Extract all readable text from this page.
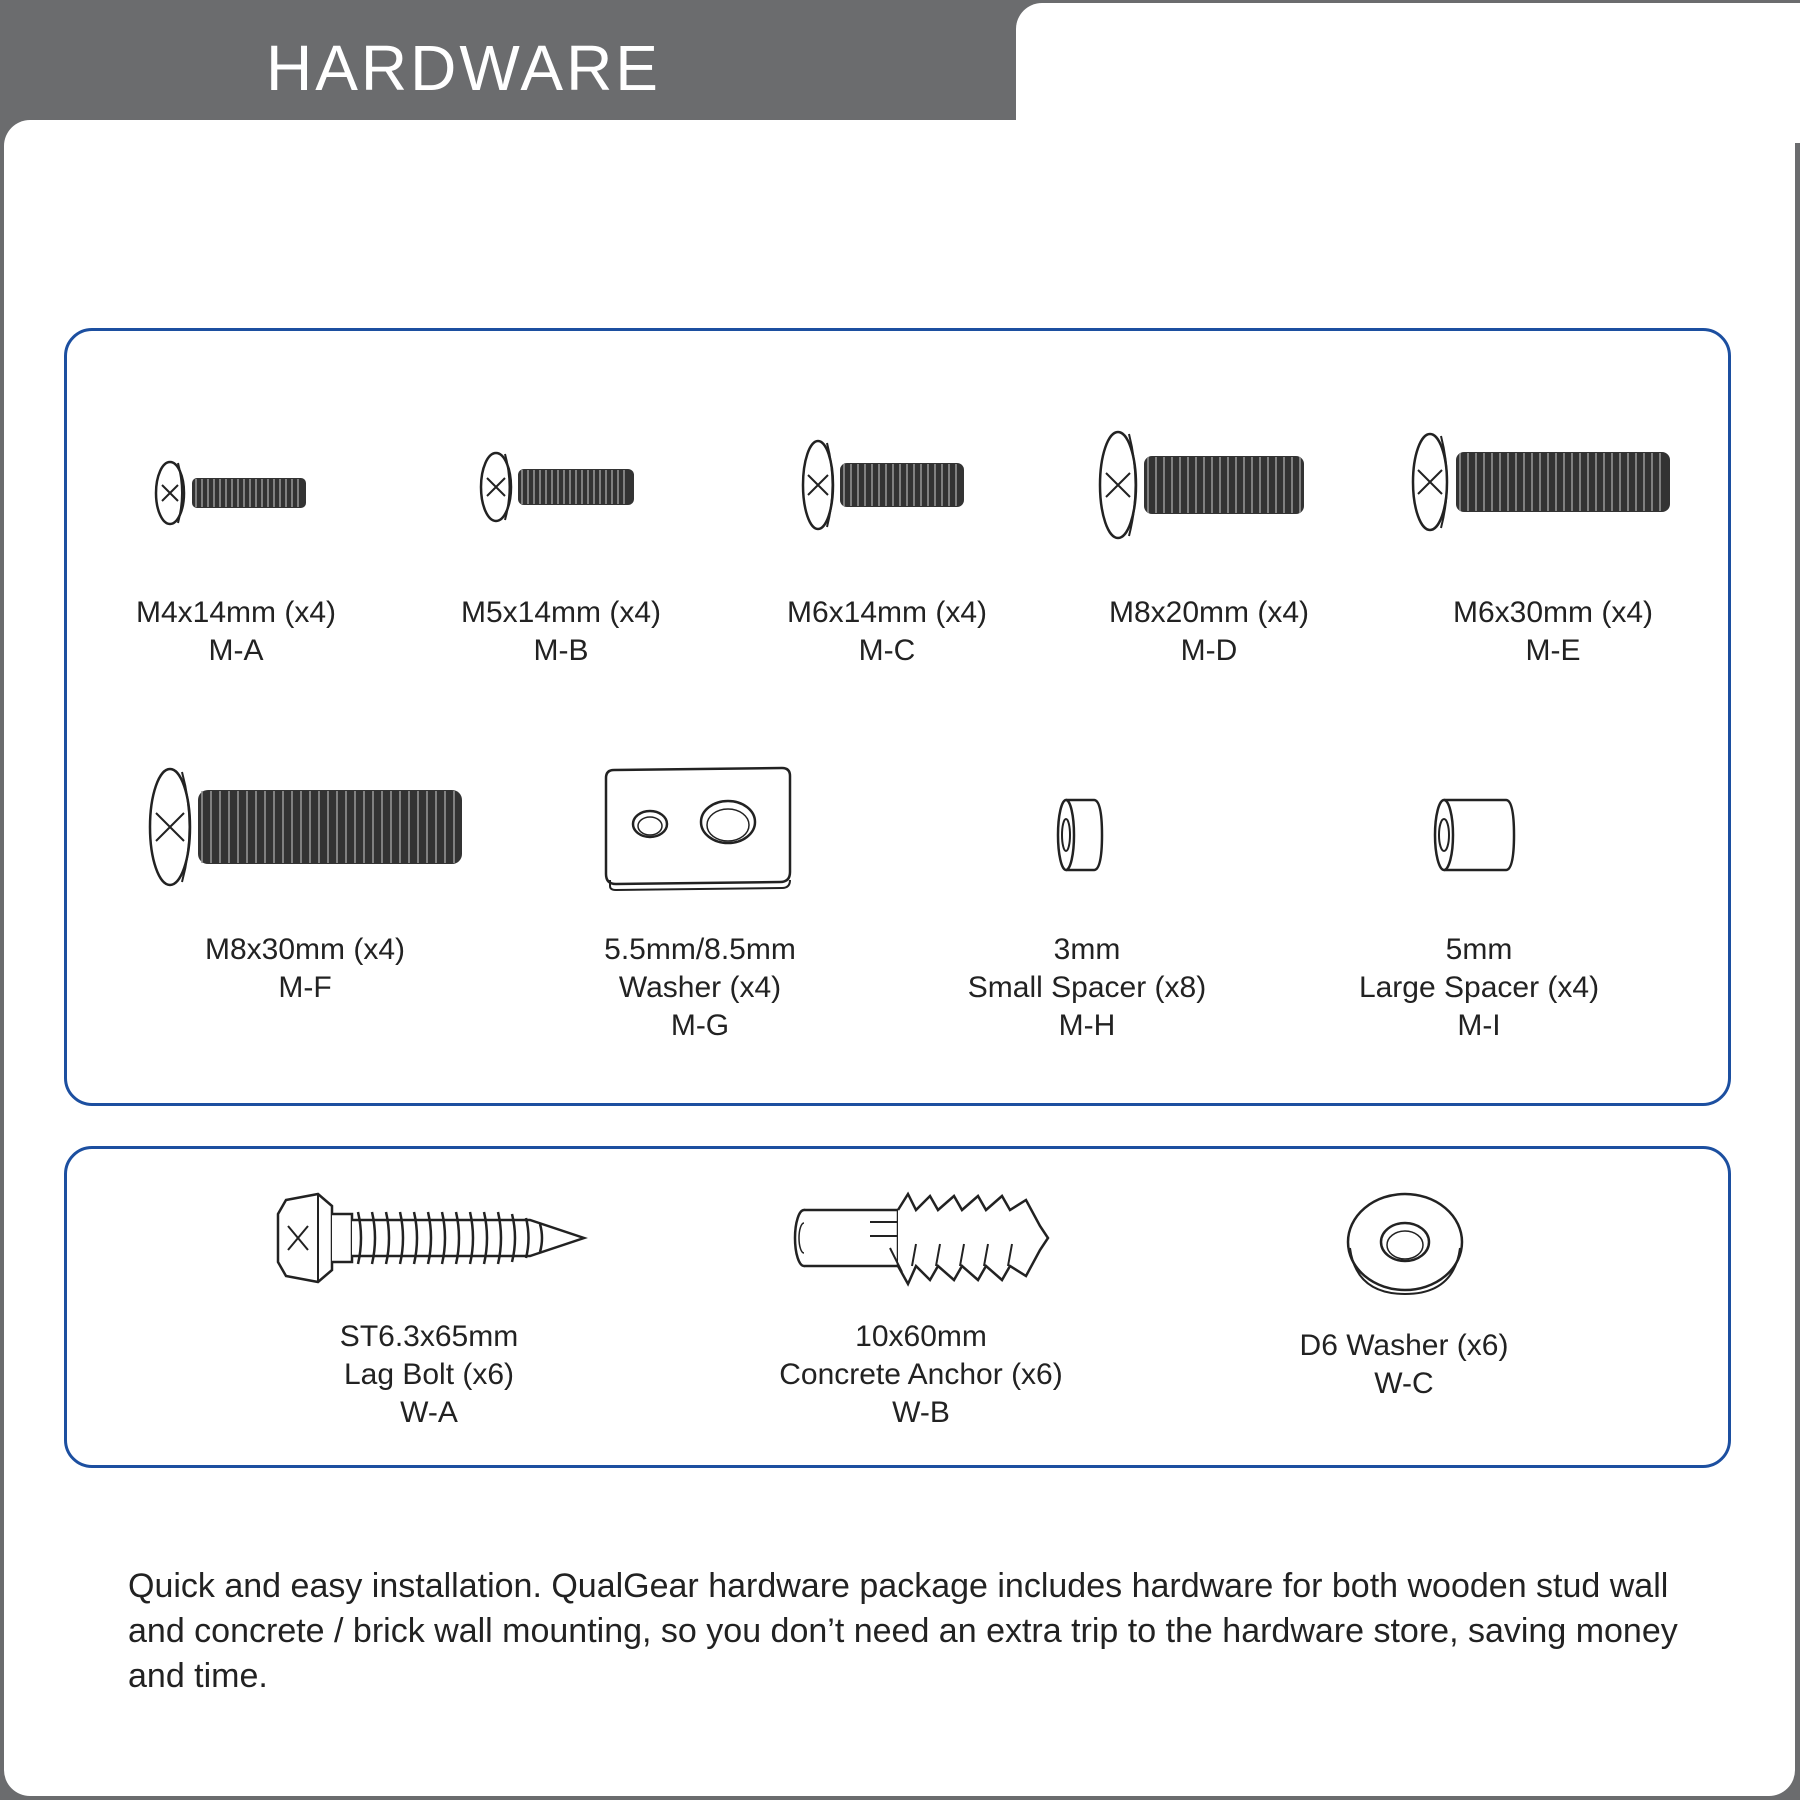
HARDWARE
M4x14mm (x4)
M-A
M5x14mm (x4)
M-B
M6x14mm (x4)
M-C
M8x20mm (x4)
M-D
M6x30mm (x4)
M-E
M8x30mm (x4)
M-F
5.5mm/8.5mm
Washer (x4)
M-G
3mm
Small Spacer (x8)
M-H
5mm
Large Spacer (x4)
M-I
ST6.3x65mm
Lag Bolt (x6)
W-A
10x60mm
Concrete Anchor (x6)
W-B
D6 Washer (x6)
W-C
Quick and easy installation. QualGear hardware package includes hardware for both wooden stud wall and concrete / brick wall mounting, so you don’t need an extra trip to the hardware store, saving money and time.
